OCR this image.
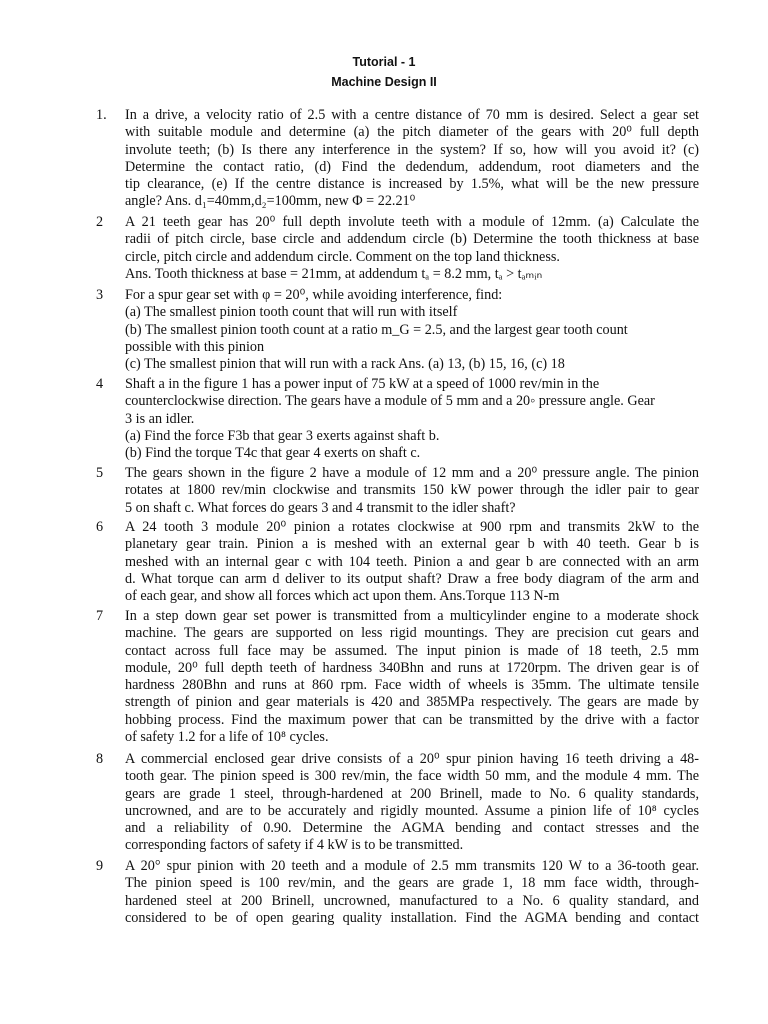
Tutorial - 1
Machine Design II
1. In a drive, a velocity ratio of 2.5 with a centre distance of 70 mm is desired. Select a gear set
with suitable module and determine (a) the pitch diameter of the gears with 20⁰ full depth
involute teeth; (b) Is there any interference in the system? If so, how will you avoid it? (c)
Determine the contact ratio, (d) Find the dedendum, addendum, root diameters and the
tip clearance, (e) If the centre distance is increased by 1.5%, what will be the new pressure
angle? Ans. d₁=40mm,d₂=100mm, new Φ = 22.21⁰
2 A 21 teeth gear has 20⁰ full depth involute teeth with a module of 12mm. (a) Calculate the
radii of pitch circle, base circle and addendum circle (b) Determine the tooth thickness at base
circle, pitch circle and addendum circle. Comment on the top land thickness.
Ans. Tooth thickness at base = 21mm, at addendum tₐ = 8.2 mm, tₐ > tₐₘᵢₙ
3 For a spur gear set with φ = 20⁰, while avoiding interference, find:
(a) The smallest pinion tooth count that will run with itself
(b) The smallest pinion tooth count at a ratio m_G = 2.5, and the largest gear tooth count
possible with this pinion
(c) The smallest pinion that will run with a rack Ans. (a) 13, (b) 15, 16, (c) 18
4 Shaft a in the figure 1 has a power input of 75 kW at a speed of 1000 rev/min in the
counterclockwise direction. The gears have a module of 5 mm and a 20◦ pressure angle. Gear
3 is an idler.
(a) Find the force F3b that gear 3 exerts against shaft b.
(b) Find the torque T4c that gear 4 exerts on shaft c.
5 The gears shown in the figure 2 have a module of 12 mm and a 20⁰ pressure angle. The pinion
rotates at 1800 rev/min clockwise and transmits 150 kW power through the idler pair to gear
5 on shaft c. What forces do gears 3 and 4 transmit to the idler shaft?
6 A 24 tooth 3 module 20⁰ pinion a rotates clockwise at 900 rpm and transmits 2kW to the
planetary gear train. Pinion a is meshed with an external gear b with 40 teeth. Gear b is
meshed with an internal gear c with 104 teeth. Pinion a and gear b are connected with an arm
d. What torque can arm d deliver to its output shaft? Draw a free body diagram of the arm and
of each gear, and show all forces which act upon them. Ans.Torque 113 N-m
7 In a step down gear set power is transmitted from a multicylinder engine to a moderate shock
machine. The gears are supported on less rigid mountings. They are precision cut gears and
contact across full face may be assumed. The input pinion is made of 18 teeth, 2.5 mm
module, 20⁰ full depth teeth of hardness 340Bhn and runs at 1720rpm. The driven gear is of
hardness 280Bhn and runs at 860 rpm. Face width of wheels is 35mm. The ultimate tensile
strength of pinion and gear materials is 420 and 385MPa respectively. The gears are made by
hobbing process. Find the maximum power that can be transmitted by the drive with a factor
of safety 1.2 for a life of 10⁸ cycles.
8 A commercial enclosed gear drive consists of a 20⁰ spur pinion having 16 teeth driving a 48-
tooth gear. The pinion speed is 300 rev/min, the face width 50 mm, and the module 4 mm. The
gears are grade 1 steel, through-hardened at 200 Brinell, made to No. 6 quality standards,
uncrowned, and are to be accurately and rigidly mounted. Assume a pinion life of 10⁸ cycles
and a reliability of 0.90. Determine the AGMA bending and contact stresses and the
corresponding factors of safety if 4 kW is to be transmitted.
9 A 20° spur pinion with 20 teeth and a module of 2.5 mm transmits 120 W to a 36-tooth gear.
The pinion speed is 100 rev/min, and the gears are grade 1, 18 mm face width, through-
hardened steel at 200 Brinell, uncrowned, manufactured to a No. 6 quality standard, and
considered to be of open gearing quality installation. Find the AGMA bending and contact
